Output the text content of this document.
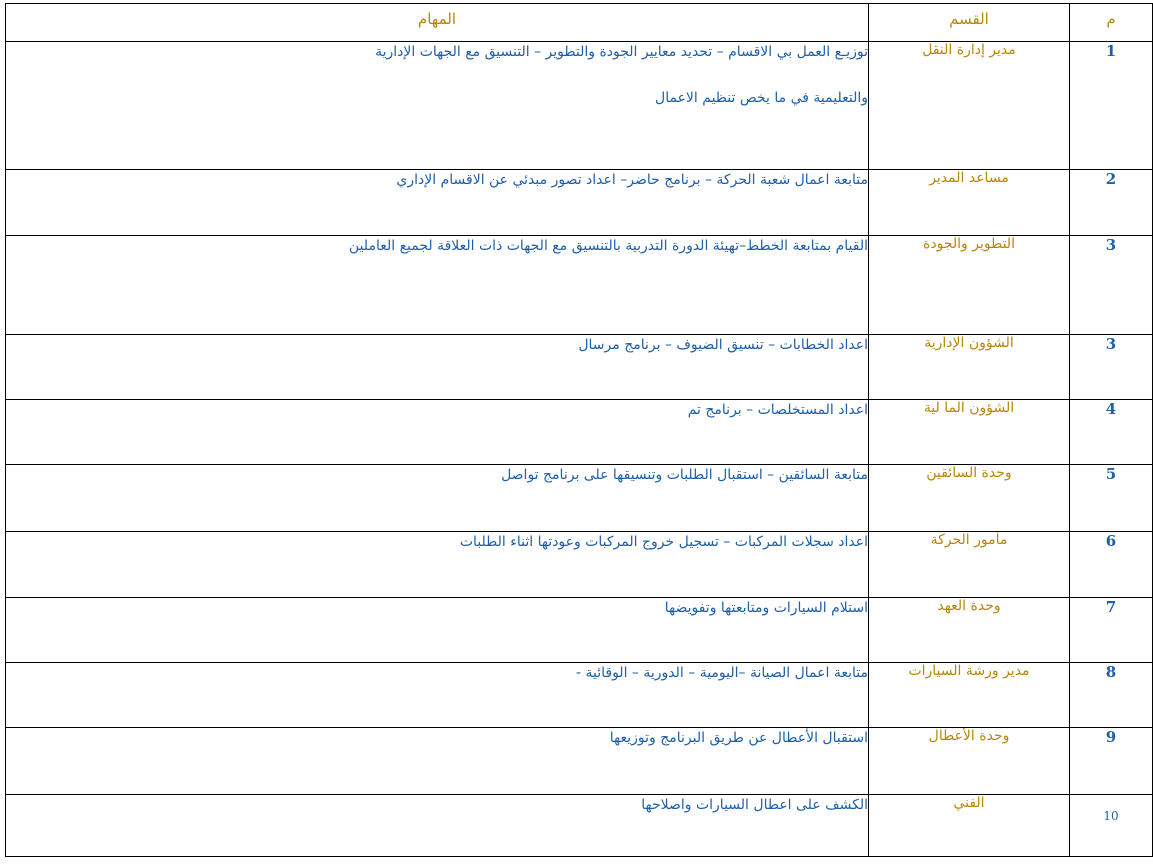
م	القسم	المهام
1	مدير إدارة النقل	توزيـع العمل بي الاقسام – تحديد معايير الجودة والتطوير – التنسيق مع الجهات الإدارية
والتعليمية في ما يخص تنظيم الاعمال

2	مساعد المدير	متابعة اعمال شعبة الحركة – برنامج حاضر– اعداد تصور مبدئي عن الاقسام الإداري
3	التطوير والجودة	القيام بمتابعة الخطط–تهيئة الدورة التدربية بالتنسيق مع الجهات ذات العلاقة لجميع العاملين
3	الشؤون الإدارية	اعداد الخطابات – تنسيق الضيوف – برنامج مرسال
4	الشؤون الما لية	اعداد المستخلصات – برنامج تم
5	وحدة السائقين	متابعة السائقين – استقبال الطلبات وتنسيقها على برنامج تواصل
6	مأمور الحركة	اعداد سجلات المركبات – تسجيل خروج المركبات وعودتها اثناء الطلبات
7	وحدة العهد	استلام السيارات ومتابعتها وتفويضها
8	مدير ورشة السيارات	متابعة اعمال الصيانة –اليومية – الدورية – الوقائية -
9	وحدة الأعطال	استقبال الأعطال عن طريق البرنامج وتوزيعها
10	الفني	الكشف على اعطال السيارات واصلاحها
